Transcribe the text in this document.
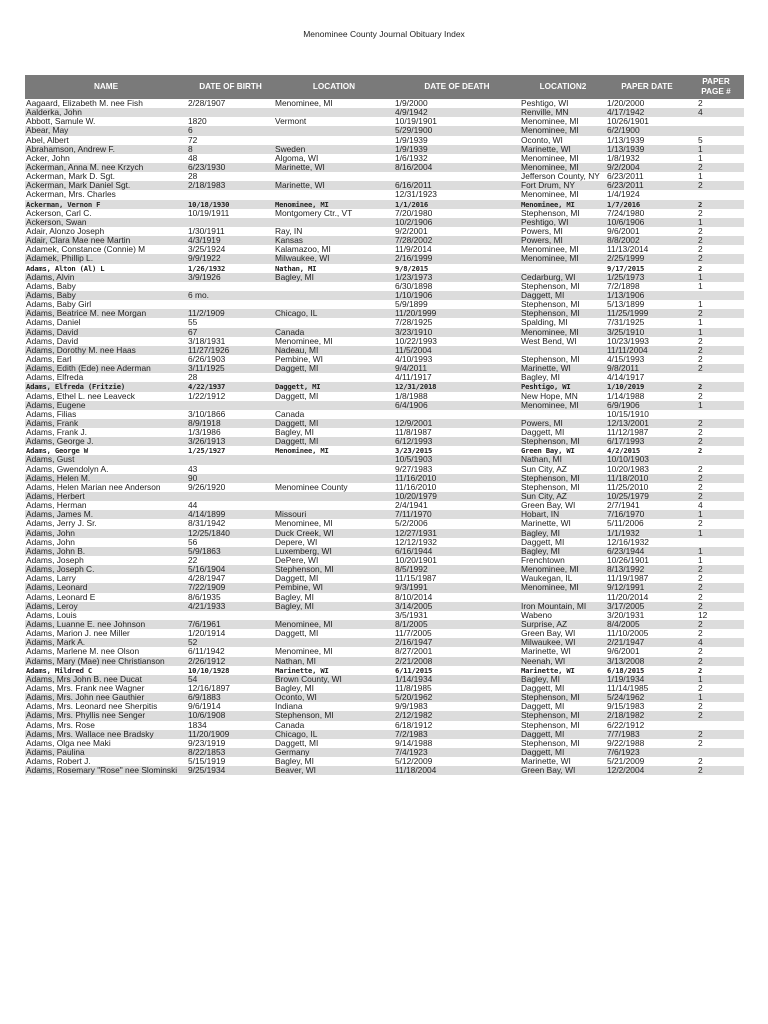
Menominee County Journal Obituary Index
NAME	DATE OF BIRTH	LOCATION	DATE OF DEATH	LOCATION2	PAPER DATE	PAPER PAGE #
Aagaard, Elizabeth M. nee Fish	2/28/1907	Menominee, MI	1/9/2000	Peshtigo, WI	1/20/2000	2
Aalderka, John			4/9/1942	Renville, MN	4/17/1942	4
Abbott, Samule W.	1820	Vermont	10/19/1901	Menominee, MI	10/26/1901	
Abear, May	6		5/29/1900	Menominee, MI	6/2/1900	
Abel, Albert	72		1/9/1939	Oconto, WI	1/13/1939	5
Abrahamson, Andrew F.	8	Sweden	1/9/1939	Marinette, WI	1/13/1939	1
Acker, John	48	Algoma, WI	1/6/1932	Menominee, MI	1/8/1932	1
Ackerman, Anna M. nee Krzych	6/23/1930	Marinette, WI	8/16/2004	Menominee, MI	9/2/2004	2
Ackerman, Mark D. Sgt.	28			Jefferson County, NY	6/23/2011	1
Ackerman, Mark Daniel Sgt.	2/18/1983	Marinette, WI	6/16/2011	Fort Drum, NY	6/23/2011	2
Ackerman, Mrs. Charles			12/31/1923	Menominee, MI	1/4/1924	
Ackerman, Vernon F	10/18/1930	Menominee, MI	1/1/2016	Menominee, MI	1/7/2016	2
Ackerson, Carl C.	10/19/1911	Montgomery Ctr., VT	7/20/1980	Stephenson, MI	7/24/1980	2
Ackerson, Swan			10/2/1906	Peshtigo, WI	10/6/1906	1
Adair, Alonzo Joseph	1/30/1911	Ray, IN	9/2/2001	Powers, MI	9/6/2001	2
Adair, Clara Mae nee Martin	4/3/1919	Kansas	7/28/2002	Powers, MI	8/8/2002	2
Adamek, Constance (Connie) M	3/25/1924	Kalamazoo, MI	11/9/2014	Menominee, MI	11/13/2014	2
Adamek, Phillip L.	9/9/1922	Milwaukee, WI	2/16/1999	Menominee, MI	2/25/1999	2
Adams, Alton (Al) L	1/26/1932	Nathan, MI	9/8/2015		9/17/2015	2
Adams, Alvin	3/9/1926	Bagley, MI	1/23/1973	Cedarburg, WI	1/25/1973	1
Adams, Baby			6/30/1898	Stephenson, MI	7/2/1898	1
Adams, Baby	6 mo.		1/10/1906	Daggett, MI	1/13/1906	
Adams, Baby Girl			5/9/1899	Stephenson, MI	5/13/1899	1
Adams, Beatrice M. nee Morgan	11/2/1909	Chicago, IL	11/20/1999	Stephenson, MI	11/25/1999	2
Adams, Daniel	55		7/28/1925	Spalding, MI	7/31/1925	1
Adams, David	67	Canada	3/23/1910	Menominee, MI	3/25/1910	1
Adams, David	3/18/1931	Menominee, MI	10/22/1993	West Bend, WI	10/23/1993	2
Adams, Dorothy M. nee Haas	11/27/1926	Nadeau, MI	11/5/2004		11/11/2004	2
Adams, Earl	6/26/1903	Pembine, WI	4/10/1993	Stephenson, MI	4/15/1993	2
Adams, Edith (Ede) nee Aderman	3/11/1925	Daggett, MI	9/4/2011	Marinette, WI	9/8/2011	2
Adams, Elfreda	28		4/11/1917	Bagley, MI	4/14/1917	
Adams, Elfreda (Fritzie)	4/22/1937	Daggett, MI	12/31/2018	Peshtigo, WI	1/10/2019	2
Adams, Ethel L. nee Leaveck	1/22/1912	Daggett, MI	1/8/1988	New Hope, MN	1/14/1988	2
Adams, Eugene			6/4/1906	Menominee, MI	6/9/1906	1
Adams, Filias	3/10/1866	Canada			10/15/1910	
Adams, Frank	8/9/1918	Daggett, MI	12/9/2001	Powers, MI	12/13/2001	2
Adams, Frank J.	1/3/1986	Bagley, MI	11/8/1987	Daggett, MI	11/12/1987	2
Adams, George J.	3/26/1913	Daggett, MI	6/12/1993	Stephenson, MI	6/17/1993	2
Adams, George W	1/25/1927	Menominee, MI	3/23/2015	Green Bay, WI	4/2/2015	2
Adams, Gust			10/5/1903	Nathan, MI	10/10/1903	
Adams, Gwendolyn A.	43		9/27/1983	Sun City, AZ	10/20/1983	2
Adams, Helen M.	90		11/16/2010	Stephenson, MI	11/18/2010	2
Adams, Helen Marian nee Anderson	9/26/1920	Menominee County	11/16/2010	Stephenson, MI	11/25/2010	2
Adams, Herbert			10/20/1979	Sun City, AZ	10/25/1979	2
Adams, Herman	44		2/4/1941	Green Bay, WI	2/7/1941	4
Adams, James M.	4/14/1899	Missouri	7/11/1970	Hobart, IN	7/16/1970	1
Adams, Jerry J. Sr.	8/31/1942	Menominee, MI	5/2/2006	Marinette, WI	5/11/2006	2
Adams, John	12/25/1840	Duck Creek, WI	12/27/1931	Bagley, MI	1/1/1932	1
Adams, John	56	Depere, WI	12/12/1932	Daggett, MI	12/16/1932	
Adams, John B.	5/9/1863	Luxemberg, WI	6/16/1944	Bagley, MI	6/23/1944	1
Adams, Joseph	22	DePere, WI	10/20/1901	Frenchtown	10/26/1901	1
Adams, Joseph C.	5/16/1904	Stephenson, MI	8/5/1992	Menominee, MI	8/13/1992	2
Adams, Larry	4/28/1947	Daggett, MI	11/15/1987	Waukegan, IL	11/19/1987	2
Adams, Leonard	7/22/1909	Pembine, WI	9/3/1991	Menominee, MI	9/12/1991	2
Adams, Leonard E	8/6/1935	Bagley, MI	8/10/2014		11/20/2014	2
Adams, Leroy	4/21/1933	Bagley, MI	3/14/2005	Iron Mountain, MI	3/17/2005	2
Adams, Louis			3/5/1931	Wabeno	3/20/1931	12
Adams, Luanne E. nee Johnson	7/6/1961	Menominee, MI	8/1/2005	Surprise, AZ	8/4/2005	2
Adams, Marion J. nee Miller	1/20/1914	Daggett, MI	11/7/2005	Green Bay, WI	11/10/2005	2
Adams, Mark A.	52		2/16/1947	Milwaukee, WI	2/21/1947	4
Adams, Marlene M. nee Olson	6/11/1942	Menominee, MI	8/27/2001	Marinette, WI	9/6/2001	2
Adams, Mary (Mae) nee Christianson	2/26/1912	Nathan, MI	2/21/2008	Neenah, WI	3/13/2008	2
Adams, Mildred C	10/10/1928	Marinette, WI	6/11/2015	Marinette, WI	6/18/2015	2
Adams, Mrs John B. nee Ducat	54	Brown County, WI	1/14/1934	Bagley, MI	1/19/1934	1
Adams, Mrs. Frank nee Wagner	12/16/1897	Bagley, MI	11/8/1985	Daggett, MI	11/14/1985	2
Adams, Mrs. John nee Gauthier	6/9/1883	Oconto, WI	5/20/1962	Stephenson, MI	5/24/1962	1
Adams, Mrs. Leonard nee Sherpitis	9/6/1914	Indiana	9/9/1983	Daggett, MI	9/15/1983	2
Adams, Mrs. Phyllis nee Senger	10/6/1908	Stephenson, MI	2/12/1982	Stephenson, MI	2/18/1982	2
Adams, Mrs. Rose	1834	Canada	6/18/1912	Stephenson, MI	6/22/1912	
Adams, Mrs. Wallace nee Bradsky	11/20/1909	Chicago, IL	7/2/1983	Daggett, MI	7/7/1983	2
Adams, Olga nee Maki	9/23/1919	Daggett, MI	9/14/1988	Stephenson, MI	9/22/1988	2
Adams, Paulina	8/22/1853	Germany	7/4/1923	Daggett, MI	7/6/1923	
Adams, Robert J.	5/15/1919	Bagley, MI	5/12/2009	Marinette, WI	5/21/2009	2
Adams, Rosemary "Rose" nee Slominski	9/25/1934	Beaver, WI	11/18/2004	Green Bay, WI	12/2/2004	2
